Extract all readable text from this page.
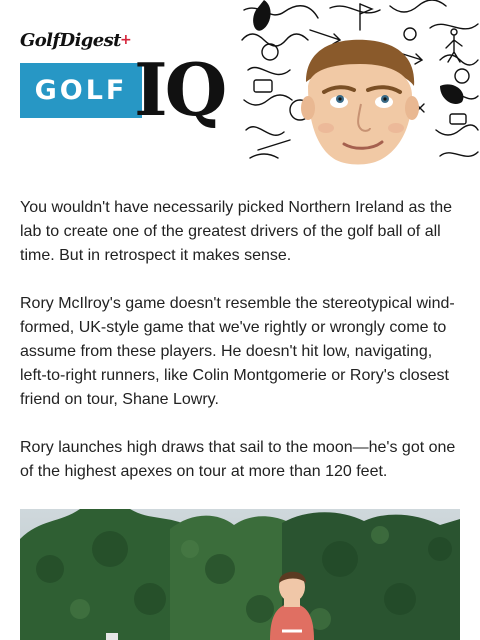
GolfDigest +
GOLF IQ

You wouldn't have necessarily picked Northern Ireland as the lab to create one of the greatest drivers of the golf ball of all time. But in retrospect it makes sense.

Rory McIlroy's game doesn't resemble the stereotypical wind-formed, UK-style game that we've rightly or wrongly come to assume from these players. He doesn't hit low, navigating, left-to-right runners, like Colin Montgomerie or Rory's closest friend on tour, Shane Lowry.

Rory launches high draws that sail to the moon—he's got one of the highest apexes on tour at more than 120 feet.
